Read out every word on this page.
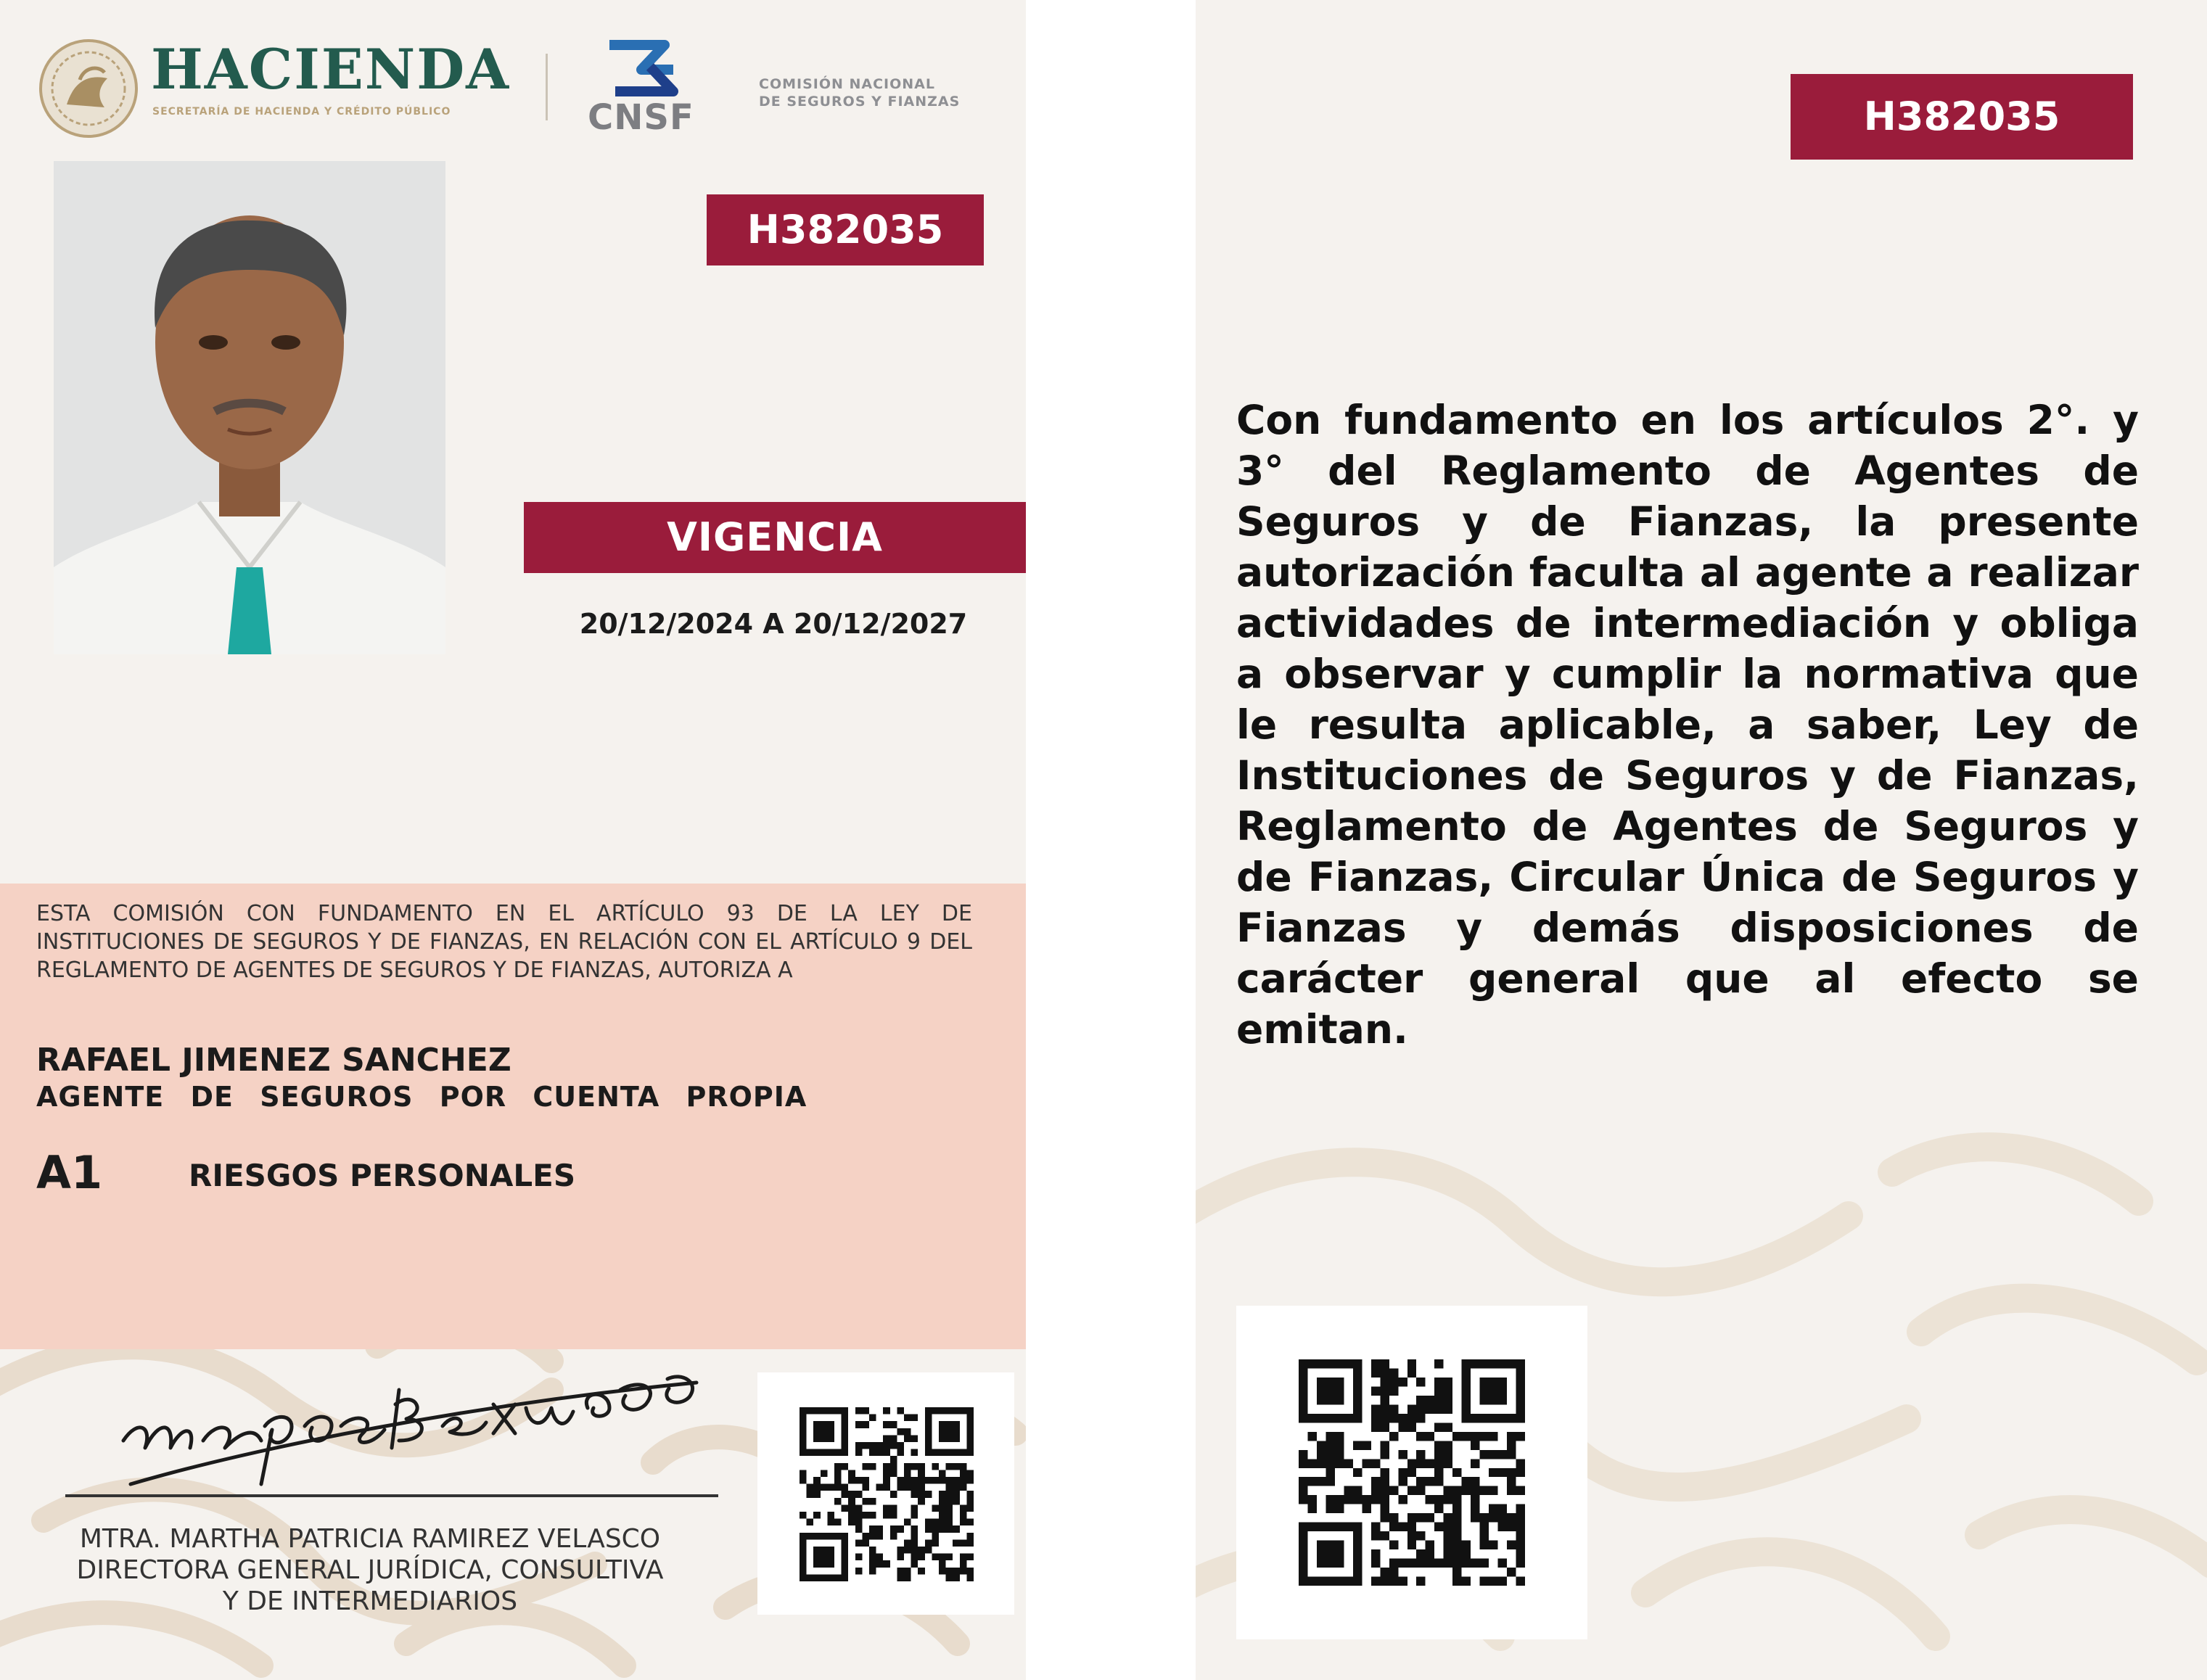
HACIENDA
SECRETARÍA DE HACIENDA Y CRÉDITO PÚBLICO	CNSF
COMISIÓN NACIONAL
DE SEGUROS Y FIANZAS
H382035
VIGENCIA
20/12/2024 A 20/12/2027
ESTA COMISIÓN CON FUNDAMENTO EN EL ARTÍCULO 93 DE LA LEY DE INSTITUCIONES DE SEGUROS Y DE FIANZAS, EN RELACIÓN CON EL ARTÍCULO 9 DEL REGLAMENTO DE AGENTES DE SEGUROS Y DE FIANZAS, AUTORIZA A
RAFAEL JIMENEZ SANCHEZ
AGENTE DE SEGUROS POR CUENTA PROPIA
A1	RIESGOS PERSONALES
MTRA. MARTHA PATRICIA RAMIREZ VELASCO
DIRECTORA GENERAL JURÍDICA, CONSULTIVA
Y DE INTERMEDIARIOS
H382035
Con fundamento en los artículos 2°. y 3° del Reglamento de Agentes de Seguros y de Fianzas, la presente autorización faculta al agente a realizar actividades de intermediación y obliga a observar y cumplir la normativa que le resulta aplicable, a saber, Ley de Instituciones de Seguros y de Fianzas, Reglamento de Agentes de Seguros y de Fianzas, Circular Única de Seguros y Fianzas y demás disposiciones de carácter general que al efecto se emitan.
